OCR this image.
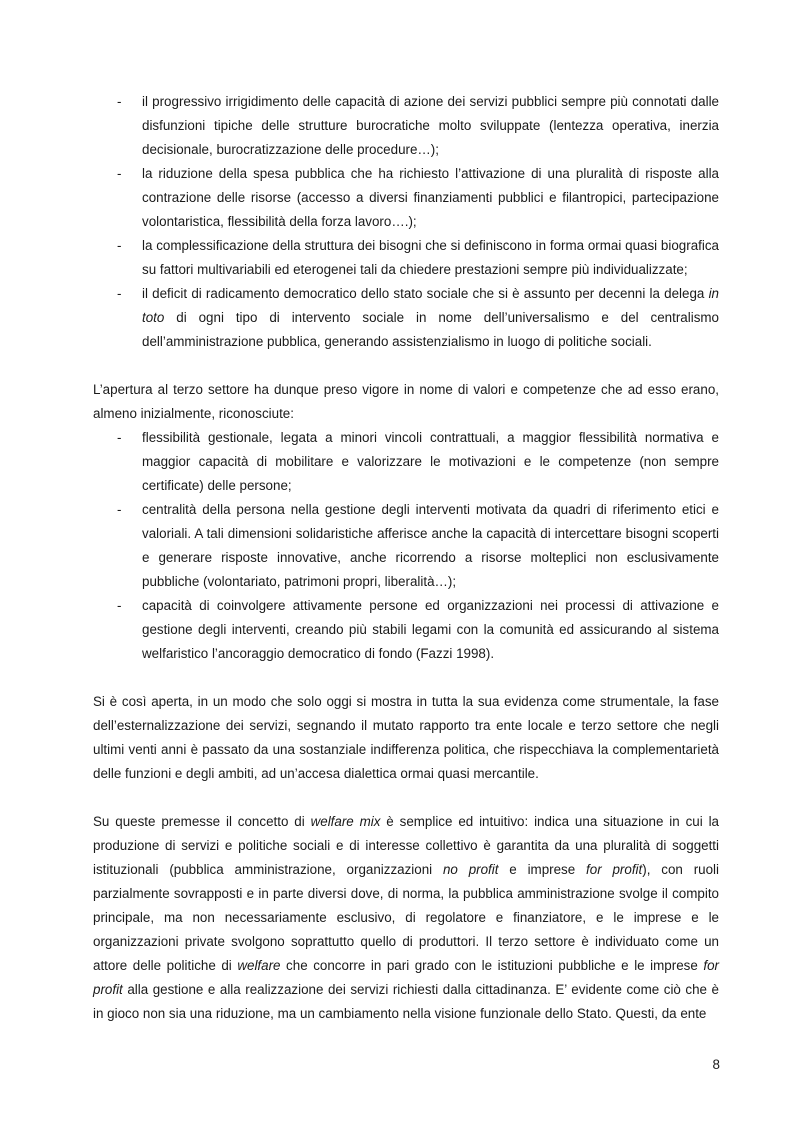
- il progressivo irrigidimento delle capacità di azione dei servizi pubblici sempre più connotati dalle disfunzioni tipiche delle strutture burocratiche molto sviluppate (lentezza operativa, inerzia decisionale, burocratizzazione delle procedure…);
- la riduzione della spesa pubblica che ha richiesto l’attivazione di una pluralità di risposte alla contrazione delle risorse (accesso a diversi finanziamenti pubblici e filantropici, partecipazione volontaristica, flessibilità della forza lavoro….);
- la complessificazione della struttura dei bisogni che si definiscono in forma ormai quasi biografica su fattori multivariabili ed eterogenei tali da chiedere prestazioni sempre più individualizzate;
- il deficit di radicamento democratico dello stato sociale che si è assunto per decenni la delega in toto di ogni tipo di intervento sociale in nome dell’universalismo e del centralismo dell’amministrazione pubblica, generando assistenzialismo in luogo di politiche sociali.

L’apertura al terzo settore ha dunque preso vigore in nome di valori e competenze che ad esso erano, almeno inizialmente, riconosciute:

- flessibilità gestionale, legata a minori vincoli contrattuali, a maggior flessibilità normativa e maggior capacità di mobilitare e valorizzare le motivazioni e le competenze (non sempre certificate) delle persone;
- centralità della persona nella gestione degli interventi motivata da quadri di riferimento etici e valoriali. A tali dimensioni solidaristiche afferisce anche la capacità di intercettare bisogni scoperti e generare risposte innovative, anche ricorrendo a risorse molteplici non esclusivamente pubbliche (volontariato, patrimoni propri, liberalità…);
- capacità di coinvolgere attivamente persone ed organizzazioni nei processi di attivazione e gestione degli interventi, creando più stabili legami con la comunità ed assicurando al sistema welfaristico l’ancoraggio democratico di fondo (Fazzi 1998).

Si è così aperta, in un modo che solo oggi si mostra in tutta la sua evidenza come strumentale, la fase dell’esternalizzazione dei servizi, segnando il mutato rapporto tra ente locale e terzo settore che negli ultimi venti anni è passato da una sostanziale indifferenza politica, che rispecchiava la complementarietà delle funzioni e degli ambiti, ad un’accesa dialettica ormai quasi mercantile.

Su queste premesse il concetto di welfare mix è semplice ed intuitivo: indica una situazione in cui la produzione di servizi e politiche sociali e di interesse collettivo è garantita da una pluralità di soggetti istituzionali (pubblica amministrazione, organizzazioni no profit e imprese for profit), con ruoli parzialmente sovrapposti e in parte diversi dove, di norma, la pubblica amministrazione svolge il compito principale, ma non necessariamente esclusivo, di regolatore e finanziatore, e le imprese e le organizzazioni private svolgono soprattutto quello di produttori. Il terzo settore è individuato come un attore delle politiche di welfare che concorre in pari grado con le istituzioni pubbliche e le imprese for profit alla gestione e alla realizzazione dei servizi richiesti dalla cittadinanza. E’ evidente come ciò che è in gioco non sia una riduzione, ma un cambiamento nella visione funzionale dello Stato. Questi, da ente

8
